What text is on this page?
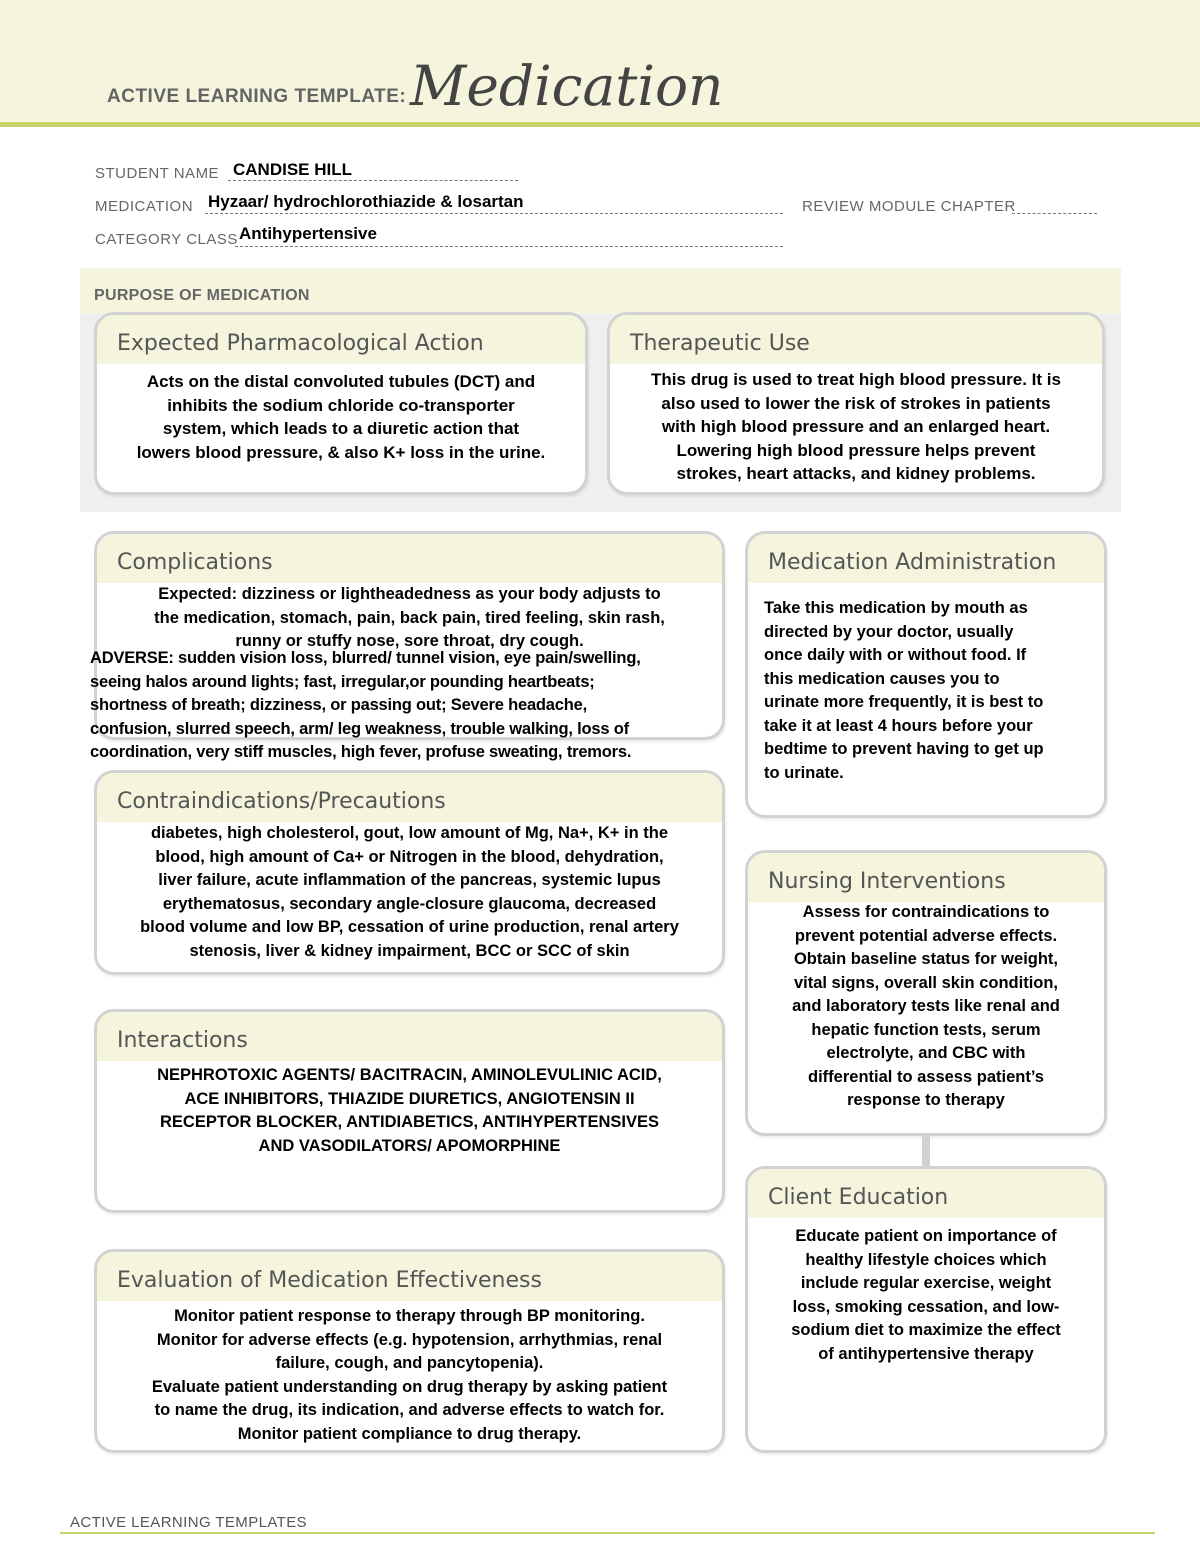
ACTIVE LEARNING TEMPLATE: Medication
STUDENT NAME CANDISE HILL
MEDICATION Hyzaar/ hydrochlorothiazide & losartan	REVIEW MODULE CHAPTER
CATEGORY CLASS Antihypertensive
PURPOSE OF MEDICATION
Expected Pharmacological Action
Acts on the distal convoluted tubules (DCT) and
inhibits the sodium chloride co-transporter
system, which leads to a diuretic action that
lowers blood pressure, & also K+ loss in the urine.
Therapeutic Use
This drug is used to treat high blood pressure. It is
also used to lower the risk of strokes in patients
with high blood pressure and an enlarged heart.
Lowering high blood pressure helps prevent
strokes, heart attacks, and kidney problems.
Complications
Expected: dizziness or lightheadedness as your body adjusts to
the medication, stomach, pain, back pain, tired feeling, skin rash,
runny or stuffy nose, sore throat, dry cough.
ADVERSE: sudden vision loss, blurred/ tunnel vision, eye pain/swelling,
seeing halos around lights; fast, irregular,or pounding heartbeats;
shortness of breath; dizziness, or passing out; Severe headache,
confusion, slurred speech, arm/ leg weakness, trouble walking, loss of
coordination, very stiff muscles, high fever, profuse sweating, tremors.
Medication Administration
Take this medication by mouth as
directed by your doctor, usually
once daily with or without food. If
this medication causes you to
urinate more frequently, it is best to
take it at least 4 hours before your
bedtime to prevent having to get up
to urinate.
Contraindications/Precautions
diabetes, high cholesterol, gout, low amount of Mg, Na+, K+ in the
blood, high amount of Ca+ or Nitrogen in the blood, dehydration,
liver failure, acute inflammation of the pancreas, systemic lupus
erythematosus, secondary angle-closure glaucoma, decreased
blood volume and low BP, cessation of urine production, renal artery
stenosis, liver & kidney impairment, BCC or SCC of skin
Nursing Interventions
Assess for contraindications to
prevent potential adverse effects.
Obtain baseline status for weight,
vital signs, overall skin condition,
and laboratory tests like renal and
hepatic function tests, serum
electrolyte, and CBC with
differential to assess patient’s
response to therapy
Interactions
NEPHROTOXIC AGENTS/ BACITRACIN, AMINOLEVULINIC ACID,
ACE INHIBITORS, THIAZIDE DIURETICS, ANGIOTENSIN II
RECEPTOR BLOCKER, ANTIDIABETICS, ANTIHYPERTENSIVES
AND VASODILATORS/ APOMORPHINE
Client Education
Educate patient on importance of
healthy lifestyle choices which
include regular exercise, weight
loss, smoking cessation, and low-
sodium diet to maximize the effect
of antihypertensive therapy
Evaluation of Medication Effectiveness
Monitor patient response to therapy through BP monitoring.
Monitor for adverse effects (e.g. hypotension, arrhythmias, renal
failure, cough, and pancytopenia).
Evaluate patient understanding on drug therapy by asking patient
to name the drug, its indication, and adverse effects to watch for.
Monitor patient compliance to drug therapy.
ACTIVE LEARNING TEMPLATES
